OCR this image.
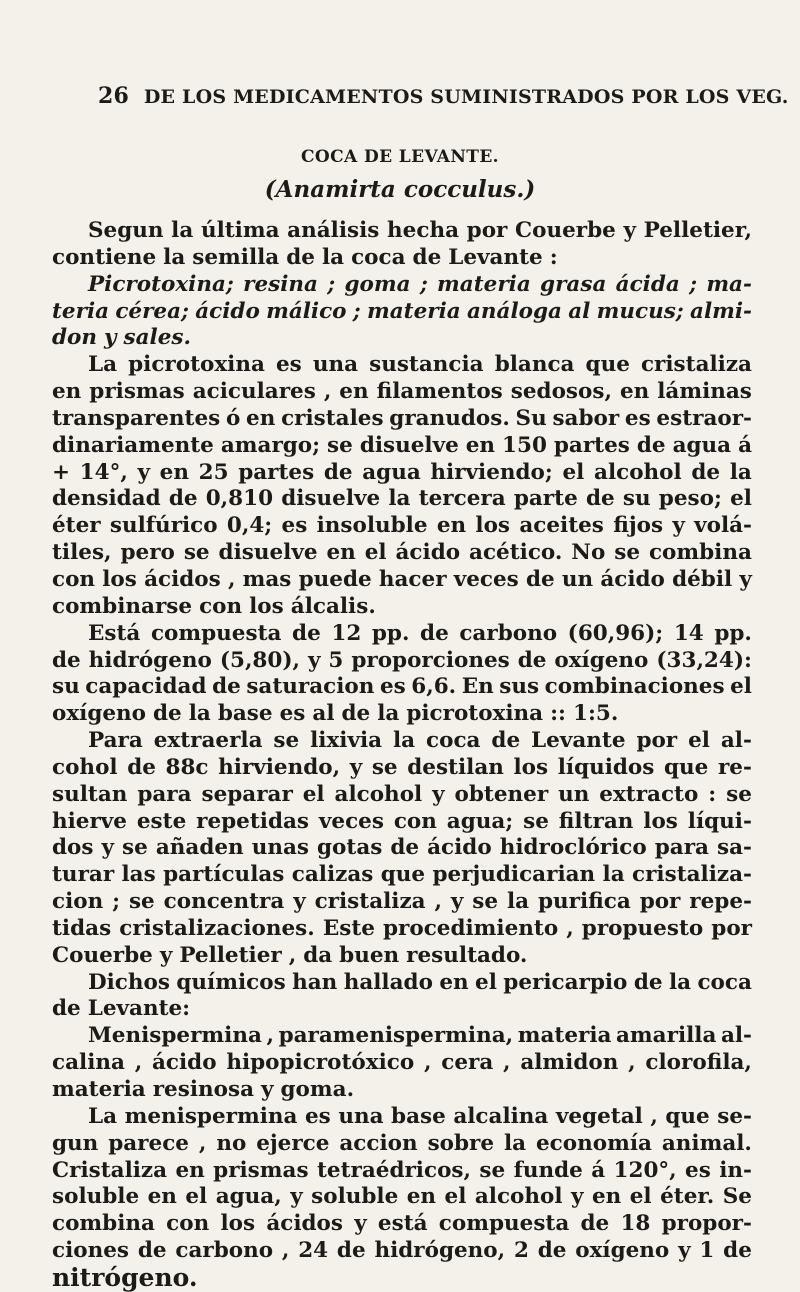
26 DE LOS MEDICAMENTOS SUMINISTRADOS POR LOS VEG.
COCA DE LEVANTE.
(Anamirta cocculus.)
Segun la última análisis hecha por Couerbe y Pelletier,
contiene la semilla de la coca de Levante :
Picrotoxina; resina ; goma ; materia grasa ácida ; ma-
teria cérea; ácido málico ; materia análoga al mucus; almi-
don y sales.
La picrotoxina es una sustancia blanca que cristaliza
en prismas aciculares , en filamentos sedosos, en láminas
transparentes ó en cristales granudos. Su sabor es estraor-
dinariamente amargo; se disuelve en 150 partes de agua á
+ 14°, y en 25 partes de agua hirviendo; el alcohol de la
densidad de 0,810 disuelve la tercera parte de su peso; el
éter sulfúrico 0,4; es insoluble en los aceites fijos y volá-
tiles, pero se disuelve en el ácido acético. No se combina
con los ácidos , mas puede hacer veces de un ácido débil y
combinarse con los álcalis.
Está compuesta de 12 pp. de carbono (60,96); 14 pp.
de hidrógeno (5,80), y 5 proporciones de oxígeno (33,24):
su capacidad de saturacion es 6,6. En sus combinaciones el
oxígeno de la base es al de la picrotoxina :: 1:5.
Para extraerla se lixivia la coca de Levante por el al-
cohol de 88c hirviendo, y se destilan los líquidos que re-
sultan para separar el alcohol y obtener un extracto : se
hierve este repetidas veces con agua; se filtran los líqui-
dos y se añaden unas gotas de ácido hidroclórico para sa-
turar las partículas calizas que perjudicarian la cristaliza-
cion ; se concentra y cristaliza , y se la purifica por repe-
tidas cristalizaciones. Este procedimiento , propuesto por
Couerbe y Pelletier , da buen resultado.
Dichos químicos han hallado en el pericarpio de la coca
de Levante:
Menispermina , paramenispermina, materia amarilla al-
calina , ácido hipopicrotóxico , cera , almidon , clorofila,
materia resinosa y goma.
La menispermina es una base alcalina vegetal , que se-
gun parece , no ejerce accion sobre la economía animal.
Cristaliza en prismas tetraédricos, se funde á 120°, es in-
soluble en el agua, y soluble en el alcohol y en el éter. Se
combina con los ácidos y está compuesta de 18 propor-
ciones de carbono , 24 de hidrógeno, 2 de oxígeno y 1 de
nitrógeno.
